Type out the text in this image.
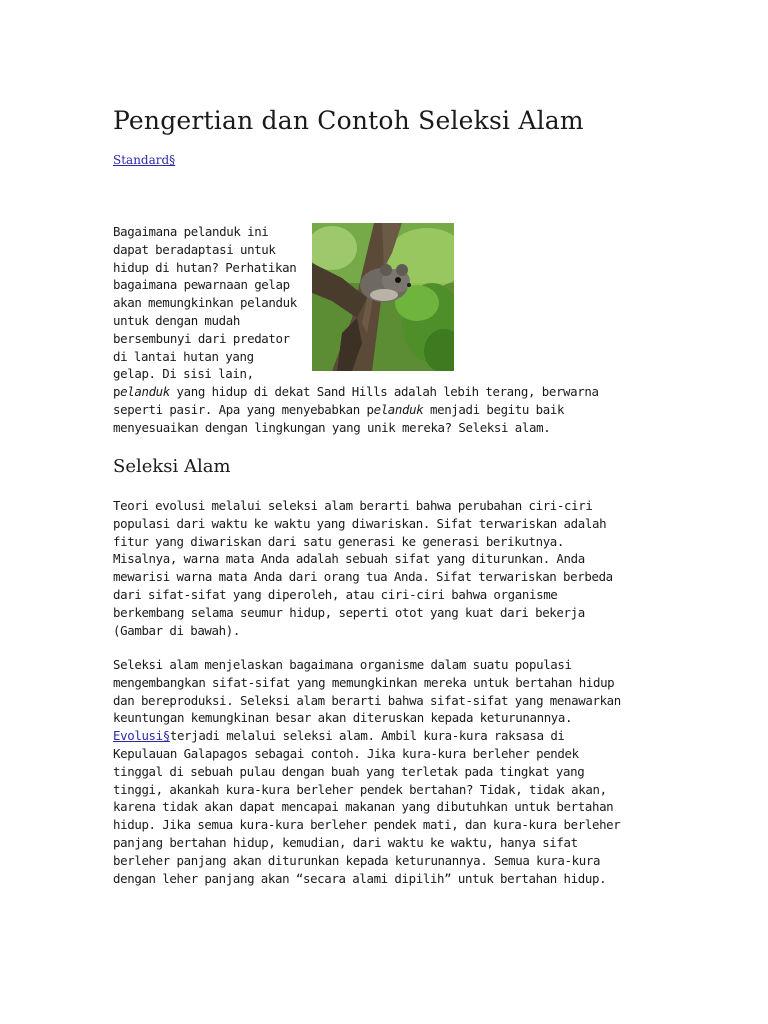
Pengertian dan Contoh Seleksi Alam
Standard§
Bagaimana pelanduk ini
dapat beradaptasi untuk
hidup di hutan? Perhatikan
bagaimana pewarnaan gelap
akan memungkinkan pelanduk
untuk dengan mudah
bersembunyi dari predator
di lantai hutan yang
gelap. Di sisi lain,
pelanduk yang hidup di dekat Sand Hills adalah lebih terang, berwarna
seperti pasir. Apa yang menyebabkan pelanduk menjadi begitu baik
menyesuaikan dengan lingkungan yang unik mereka? Seleksi alam.
Seleksi Alam
Teori evolusi melalui seleksi alam berarti bahwa perubahan ciri-ciri
populasi dari waktu ke waktu yang diwariskan. Sifat terwariskan adalah
fitur yang diwariskan dari satu generasi ke generasi berikutnya.
Misalnya, warna mata Anda adalah sebuah sifat yang diturunkan. Anda
mewarisi warna mata Anda dari orang tua Anda. Sifat terwariskan berbeda
dari sifat-sifat yang diperoleh, atau ciri-ciri bahwa organisme
berkembang selama seumur hidup, seperti otot yang kuat dari bekerja
(Gambar di bawah).
Seleksi alam menjelaskan bagaimana organisme dalam suatu populasi
mengembangkan sifat-sifat yang memungkinkan mereka untuk bertahan hidup
dan bereproduksi. Seleksi alam berarti bahwa sifat-sifat yang menawarkan
keuntungan kemungkinan besar akan diteruskan kepada keturunannya.
Evolusi§terjadi melalui seleksi alam. Ambil kura-kura raksasa di
Kepulauan Galapagos sebagai contoh. Jika kura-kura berleher pendek
tinggal di sebuah pulau dengan buah yang terletak pada tingkat yang
tinggi, akankah kura-kura berleher pendek bertahan? Tidak, tidak akan,
karena tidak akan dapat mencapai makanan yang dibutuhkan untuk bertahan
hidup. Jika semua kura-kura berleher pendek mati, dan kura-kura berleher
panjang bertahan hidup, kemudian, dari waktu ke waktu, hanya sifat
berleher panjang akan diturunkan kepada keturunannya. Semua kura-kura
dengan leher panjang akan “secara alami dipilih” untuk bertahan hidup.
